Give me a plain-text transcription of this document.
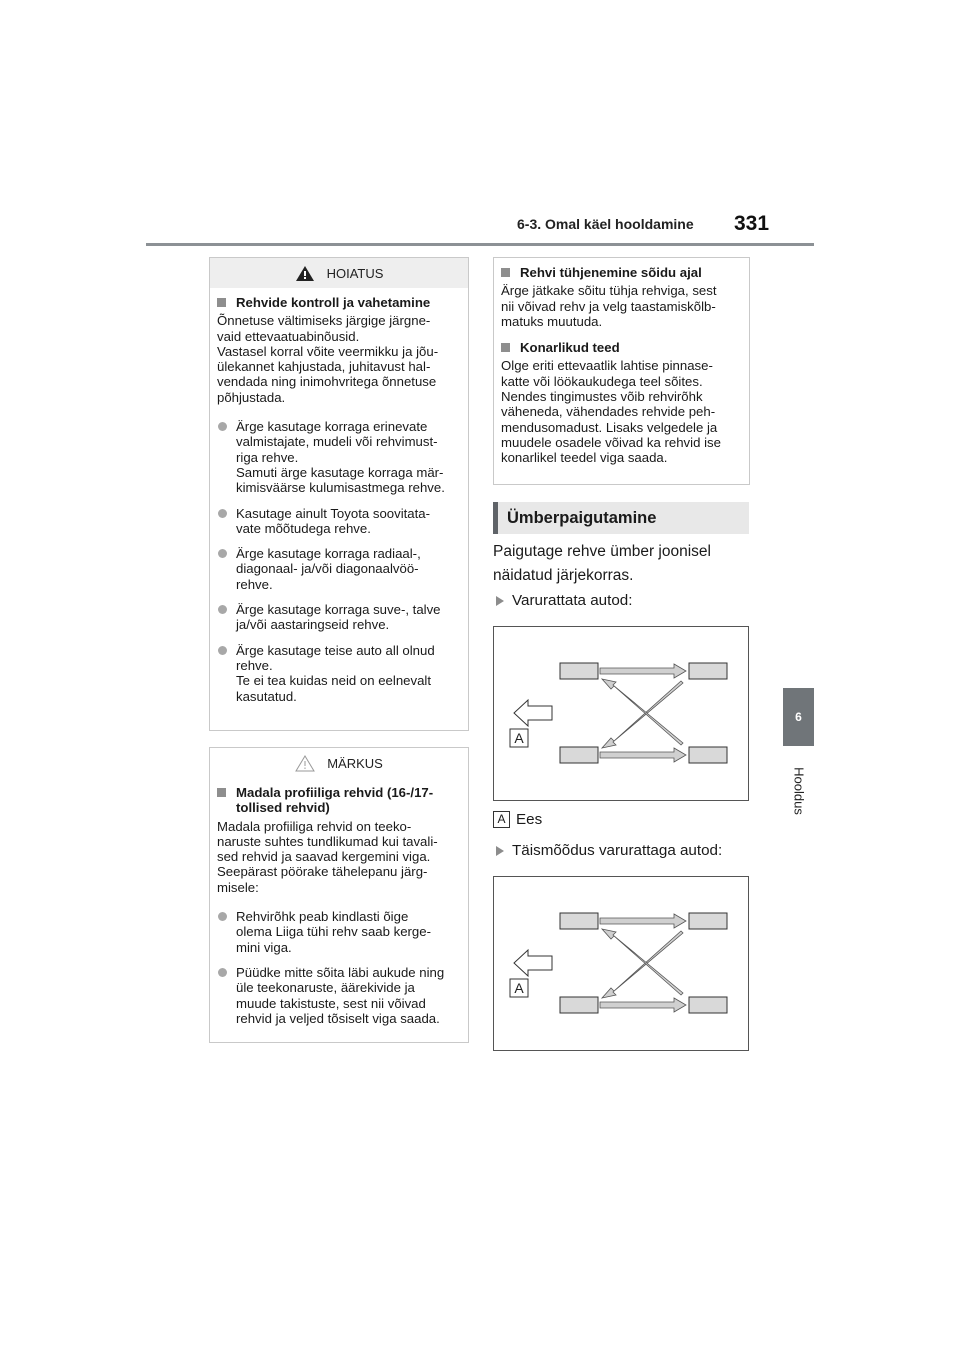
6-3. Omal käel hooldamine 331
6
Hooldus
HOIATUS
Rehvide kontroll ja vahetamine
Õnnetuse vältimiseks järgige järgne-
vaid ettevaatuabinõusid.
Vastasel korral võite veermikku ja jõu-
ülekannet kahjustada, juhitavust hal-
vendada ning inimohvritega õnnetuse
põhjustada.
Ärge kasutage korraga erinevate
valmistajate, mudeli või rehvimust-
riga rehve.
Samuti ärge kasutage korraga mär-
kimisväärse kulumisastmega rehve.
Kasutage ainult Toyota soovitata-
vate mõõtudega rehve.
Ärge kasutage korraga radiaal-,
diagonaal- ja/või diagonaalvöö-
rehve.
Ärge kasutage korraga suve-, talve
ja/või aastaringseid rehve.
Ärge kasutage teise auto all olnud
rehve.
Te ei tea kuidas neid on eelnevalt
kasutatud.
MÄRKUS
Madala profiiliga rehvid (16-/17-
tollised rehvid)
Madala profiiliga rehvid on teeko-
naruste suhtes tundlikumad kui tavali-
sed rehvid ja saavad kergemini viga.
Seepärast pöörake tähelepanu järg-
misele:
Rehvirõhk peab kindlasti õige
olema Liiga tühi rehv saab kerge-
mini viga.
Püüdke mitte sõita läbi aukude ning
üle teekonaruste, äärekivide ja
muude takistuste, sest nii võivad
rehvid ja veljed tõsiselt viga saada.
Rehvi tühjenemine sõidu ajal
Ärge jätkake sõitu tühja rehviga, sest
nii võivad rehv ja velg taastamiskõlb-
matuks muutuda.
Konarlikud teed
Olge eriti ettevaatlik lahtise pinnase-
katte või löökaukudega teel sõites.
Nendes tingimustes võib rehvirõhk
väheneda, vähendades rehvide peh-
mendusomadust. Lisaks velgedele ja
muudele osadele võivad ka rehvid ise
konarlikel teedel viga saada.
Ümberpaigutamine
Paigutage rehve ümber joonisel
näidatud järjekorras.
Varurattata autod:
A
A Ees
Täismõõdus varurattaga autod:
A
